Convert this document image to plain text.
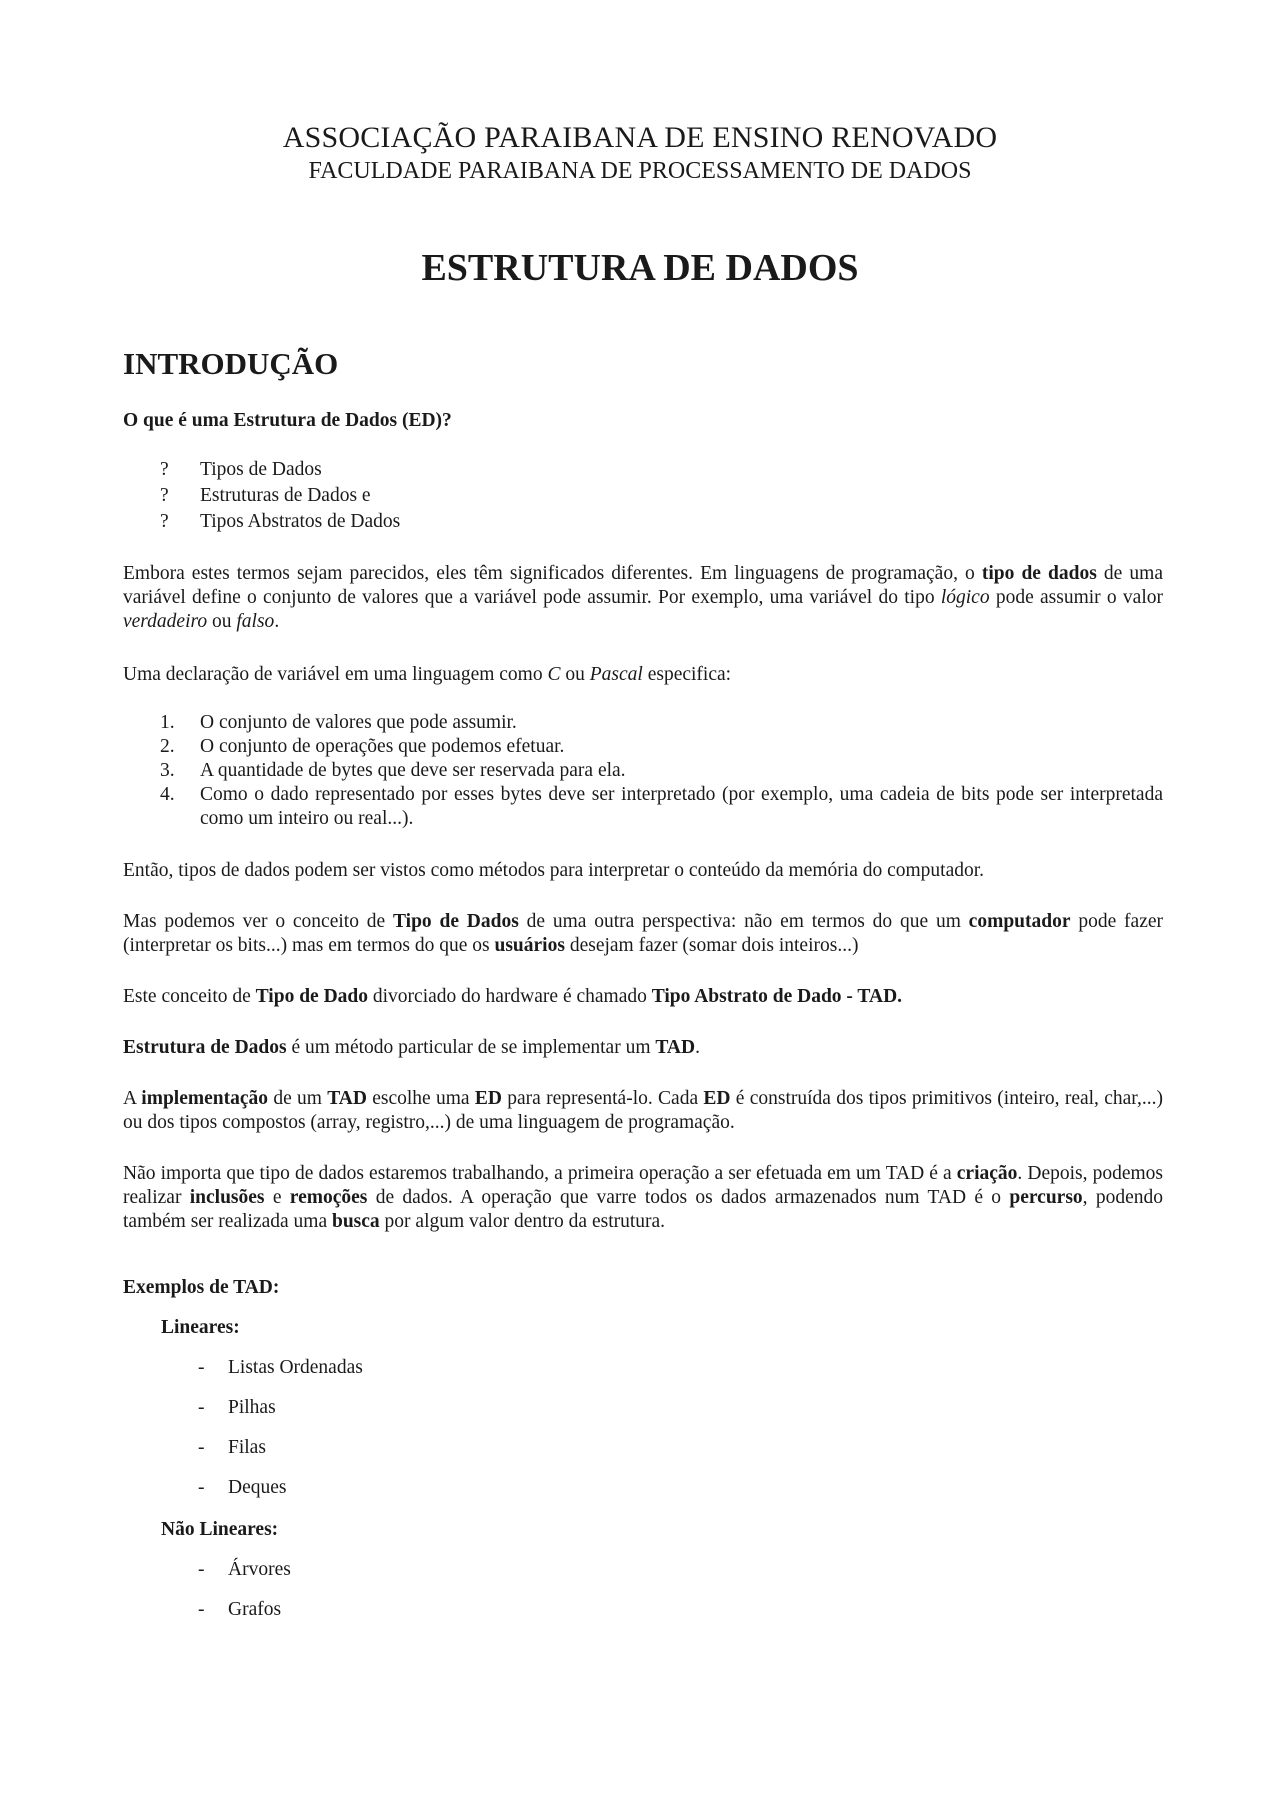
ASSOCIAÇÃO PARAIBANA DE ENSINO RENOVADO
FACULDADE PARAIBANA DE PROCESSAMENTO DE DADOS
ESTRUTURA DE DADOS
INTRODUÇÃO
O que é uma Estrutura de Dados (ED)?
?	Tipos de Dados
?	Estruturas de Dados e
?	Tipos Abstratos de Dados

Embora estes termos sejam parecidos, eles têm significados diferentes. Em linguagens de programação, o tipo de dados de uma variável define o conjunto de valores que a variável pode assumir. Por exemplo, uma variável do tipo lógico pode assumir o valor verdadeiro ou falso.

Uma declaração de variável em uma linguagem como C ou Pascal especifica:

1. O conjunto de valores que pode assumir.
2. O conjunto de operações que podemos efetuar.
3. A quantidade de bytes que deve ser reservada para ela.
4. Como o dado representado por esses bytes deve ser interpretado (por exemplo, uma cadeia de bits pode ser interpretada como um inteiro ou real...).

Então, tipos de dados podem ser vistos como métodos para interpretar o conteúdo da memória do computador.

Mas podemos ver o conceito de Tipo de Dados de uma outra perspectiva: não em termos do que um computador pode fazer (interpretar os bits...) mas em termos do que os usuários desejam fazer (somar dois inteiros...)

Este conceito de Tipo de Dado divorciado do hardware é chamado Tipo Abstrato de Dado - TAD.

Estrutura de Dados é um método particular de se implementar um TAD.

A implementação de um TAD escolhe uma ED para representá-lo. Cada ED é construída dos tipos primitivos (inteiro, real, char,...) ou dos tipos compostos (array, registro,...) de uma linguagem de programação.

Não importa que tipo de dados estaremos trabalhando, a primeira operação a ser efetuada em um TAD é a criação. Depois, podemos realizar inclusões e remoções de dados. A operação que varre todos os dados armazenados num TAD é o percurso, podendo também ser realizada uma busca por algum valor dentro da estrutura.

Exemplos de TAD:
Lineares:
- Listas Ordenadas
- Pilhas
- Filas
- Deques
Não Lineares:
- Árvores
- Grafos
